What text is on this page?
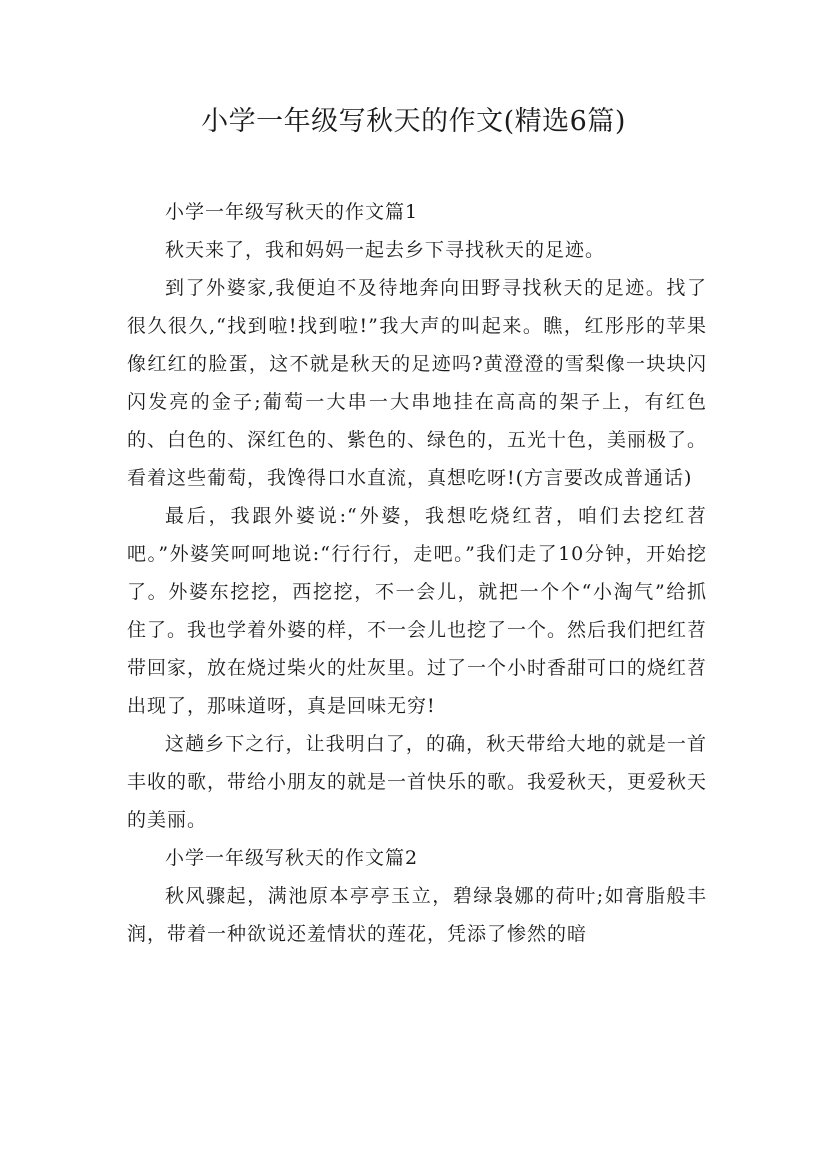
小学一年级写秋天的作文(精选6篇)

小学一年级写秋天的作文篇1

秋天来了，我和妈妈一起去乡下寻找秋天的足迹。

到了外婆家,我便迫不及待地奔向田野寻找秋天的足迹。找了很久很久,“找到啦!找到啦!”我大声的叫起来。瞧，红彤彤的苹果像红红的脸蛋，这不就是秋天的足迹吗?黄澄澄的雪梨像一块块闪闪发亮的金子;葡萄一大串一大串地挂在高高的架子上，有红色的、白色的、深红色的、紫色的、绿色的，五光十色，美丽极了。看着这些葡萄，我馋得口水直流，真想吃呀!(方言要改成普通话)

最后，我跟外婆说:“外婆，我想吃烧红苕，咱们去挖红苕吧。”外婆笑呵呵地说:“行行行，走吧。”我们走了10分钟，开始挖了。外婆东挖挖，西挖挖，不一会儿，就把一个个“小淘气”给抓住了。我也学着外婆的样，不一会儿也挖了一个。然后我们把红苕带回家，放在烧过柴火的灶灰里。过了一个小时香甜可口的烧红苕出现了，那味道呀，真是回味无穷!

这趟乡下之行，让我明白了，的确，秋天带给大地的就是一首丰收的歌，带给小朋友的就是一首快乐的歌。我爱秋天，更爱秋天的美丽。

小学一年级写秋天的作文篇2

秋风骤起，满池原本亭亭玉立，碧绿袅娜的荷叶;如膏脂般丰润，带着一种欲说还羞情状的莲花，凭添了惨然的暗
